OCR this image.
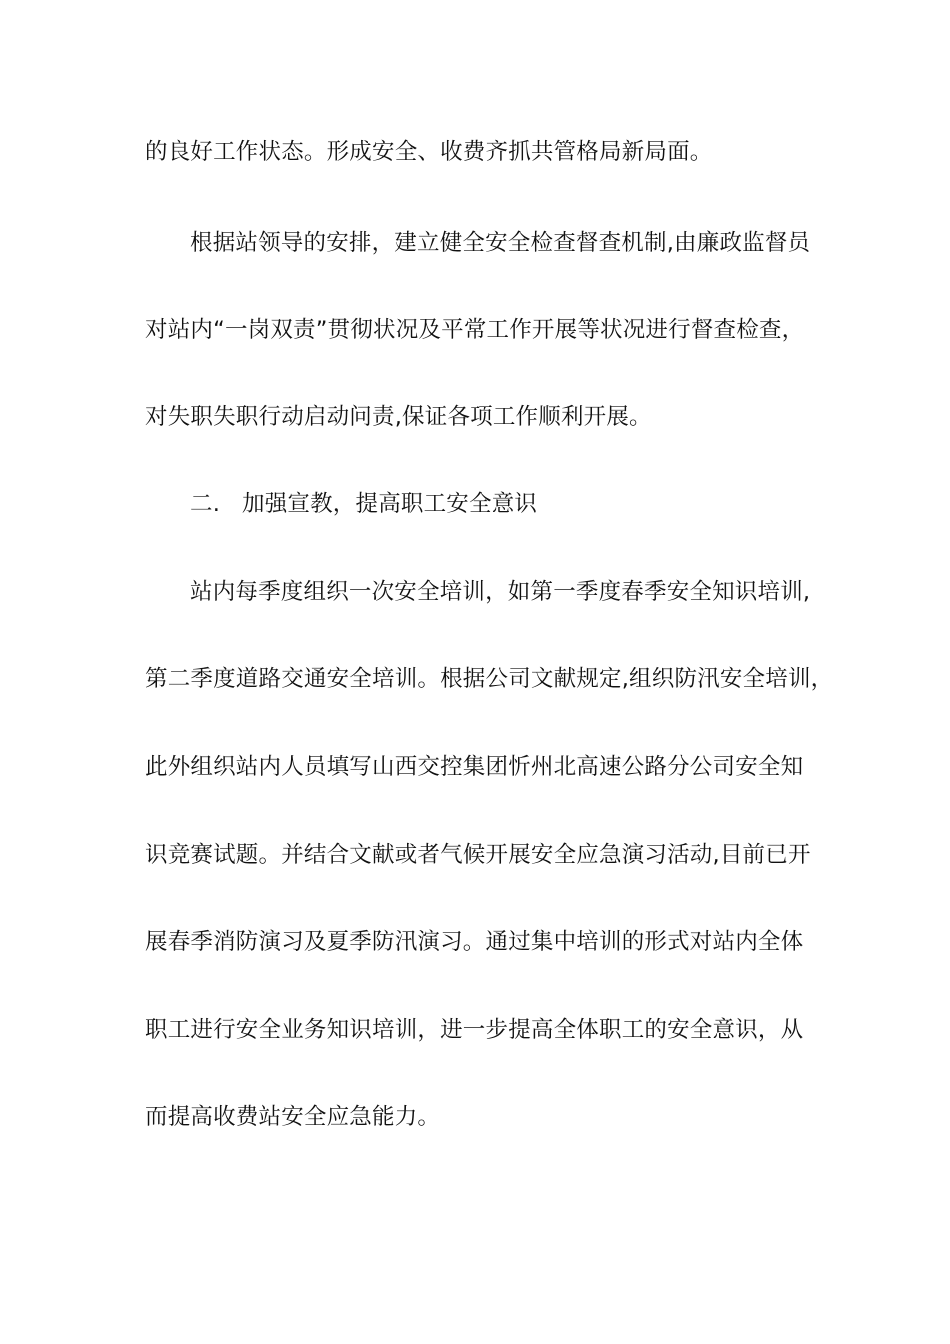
的良好工作状态。形成安全、收费齐抓共管格局新局面。
根据站领导的安排，建立健全安全检查督查机制,由廉政监督员
对站内“一岗双责”贯彻状况及平常工作开展等状况进行督查检查，
对失职失职行动启动问责,保证各项工作顺利开展。
二. 加强宣教，提高职工安全意识
站内每季度组织一次安全培训，如第一季度春季安全知识培训,
第二季度道路交通安全培训。根据公司文献规定,组织防汛安全培训，
此外组织站内人员填写山西交控集团忻州北高速公路分公司安全知
识竞赛试题。并结合文献或者气候开展安全应急演习活动,目前已开
展春季消防演习及夏季防汛演习。通过集中培训的形式对站内全体
职工进行安全业务知识培训，进一步提高全体职工的安全意识，从
而提高收费站安全应急能力。
